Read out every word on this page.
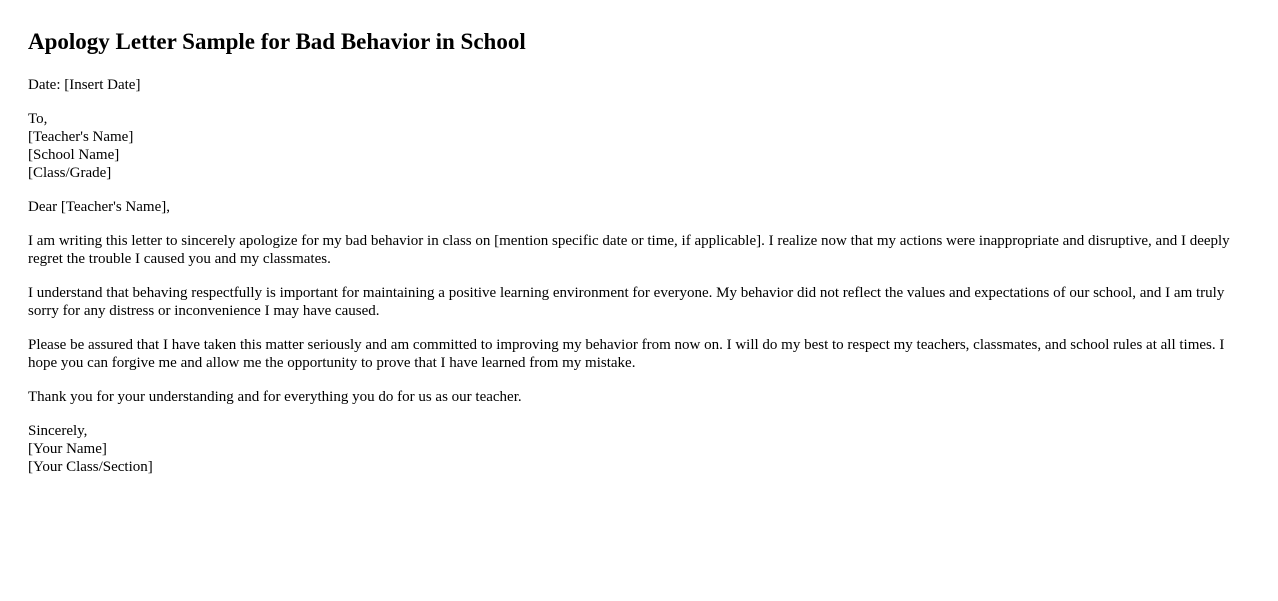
Apology Letter Sample for Bad Behavior in School

Date: [Insert Date]

To,
[Teacher's Name]
[School Name]
[Class/Grade]

Dear [Teacher's Name],

I am writing this letter to sincerely apologize for my bad behavior in class on [mention specific date or time, if applicable]. I realize now that my actions were inappropriate and disruptive, and I deeply regret the trouble I caused you and my classmates.

I understand that behaving respectfully is important for maintaining a positive learning environment for everyone. My behavior did not reflect the values and expectations of our school, and I am truly sorry for any distress or inconvenience I may have caused.

Please be assured that I have taken this matter seriously and am committed to improving my behavior from now on. I will do my best to respect my teachers, classmates, and school rules at all times. I hope you can forgive me and allow me the opportunity to prove that I have learned from my mistake.

Thank you for your understanding and for everything you do for us as our teacher.

Sincerely,
[Your Name]
[Your Class/Section]
